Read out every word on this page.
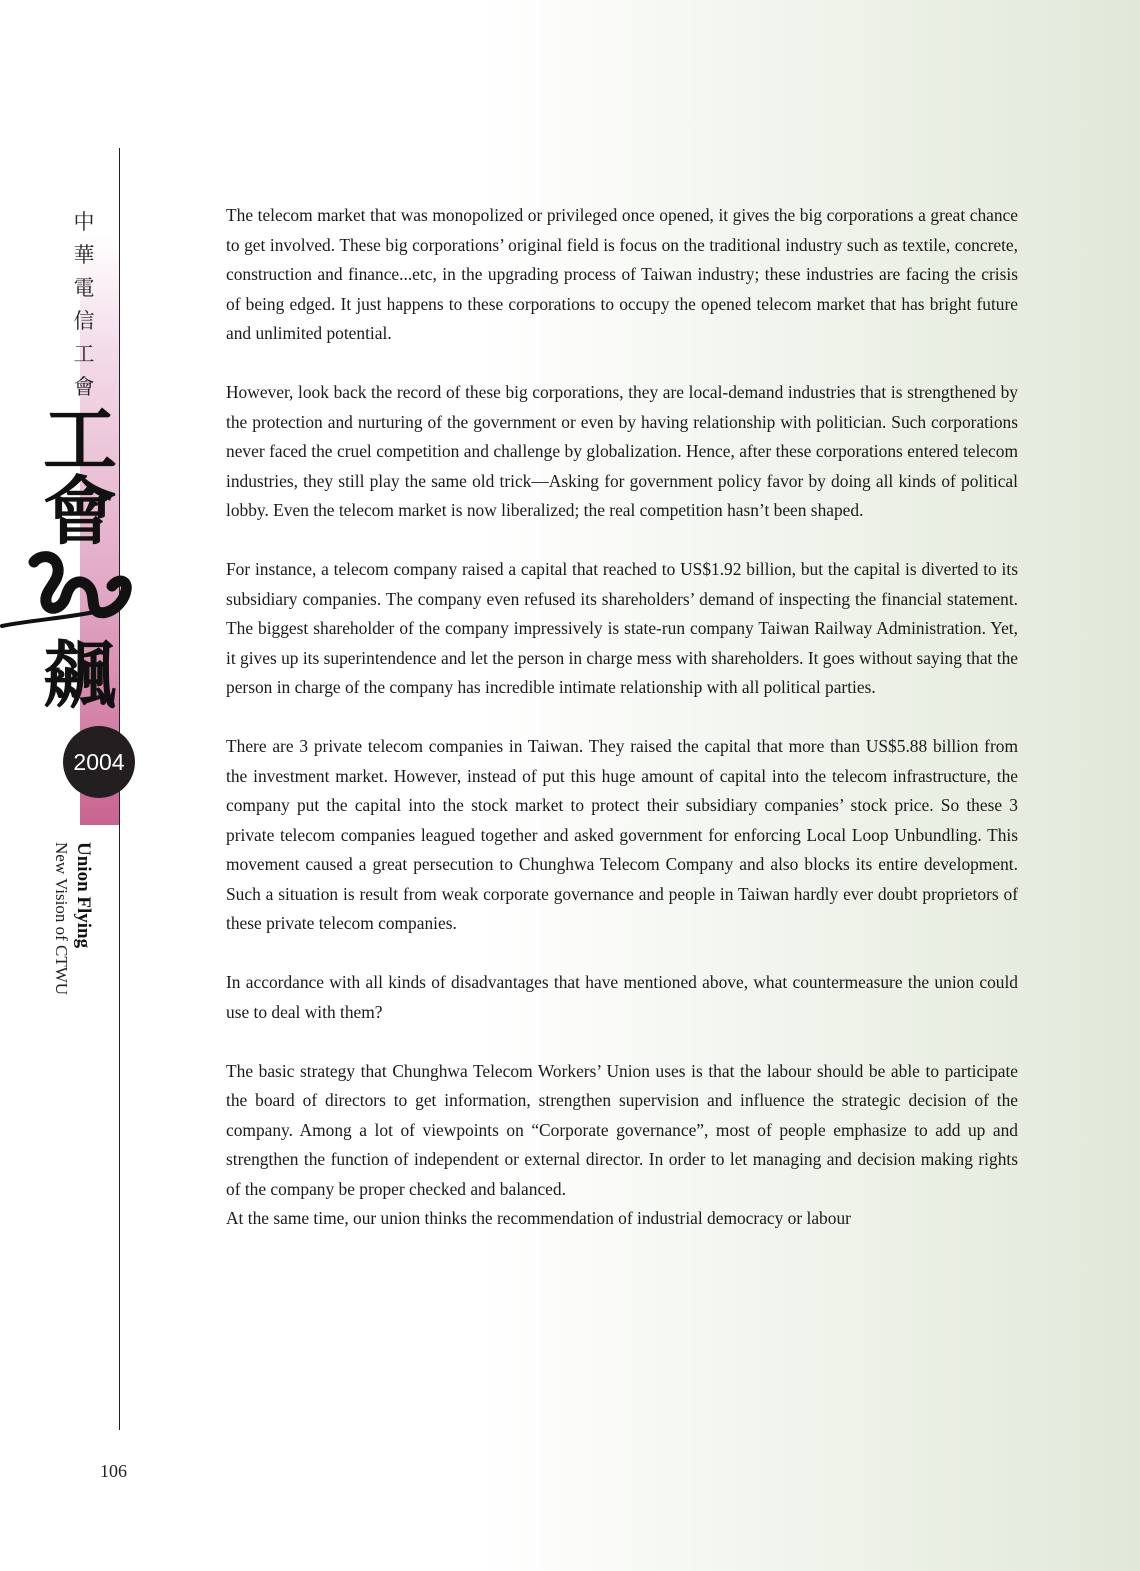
中
華
電
信
工
會
工
會
飆
2004
Union Flying
New Vision of CTWU

The telecom market that was monopolized or privileged once opened, it gives the big corporations a great chance to get involved. These big corporations’ original field is focus on the traditional industry such as textile, concrete, construction and finance...etc, in the upgrading process of Taiwan industry; these industries are facing the crisis of being edged. It just happens to these corporations to occupy the opened telecom market that has bright future and unlimited potential.

However, look back the record of these big corporations, they are local-demand industries that is strengthened by the protection and nurturing of the government or even by having relationship with politician. Such corporations never faced the cruel competition and challenge by globalization. Hence, after these corporations entered telecom industries, they still play the same old trick—Asking for government policy favor by doing all kinds of political lobby. Even the telecom market is now liberalized; the real competition hasn’t been shaped.

For instance, a telecom company raised a capital that reached to US$1.92 billion, but the capital is diverted to its subsidiary companies. The company even refused its shareholders’ demand of inspecting the financial statement. The biggest shareholder of the company impressively is state-run company Taiwan Railway Administration. Yet, it gives up its superintendence and let the person in charge mess with shareholders. It goes without saying that the person in charge of the company has incredible intimate relationship with all political parties.

There are 3 private telecom companies in Taiwan. They raised the capital that more than US$5.88 billion from the investment market. However, instead of put this huge amount of capital into the telecom infrastructure, the company put the capital into the stock market to protect their subsidiary companies’ stock price. So these 3 private telecom companies leagued together and asked government for enforcing Local Loop Unbundling. This movement caused a great persecution to Chunghwa Telecom Company and also blocks its entire development. Such a situation is result from weak corporate governance and people in Taiwan hardly ever doubt proprietors of these private telecom companies.

In accordance with all kinds of disadvantages that have mentioned above, what countermeasure the union could use to deal with them?

The basic strategy that Chunghwa Telecom Workers’ Union uses is that the labour should be able to participate the board of directors to get information, strengthen supervision and influence the strategic decision of the company. Among a lot of viewpoints on “Corporate governance”, most of people emphasize to add up and strengthen the function of independent or external director. In order to let managing and decision making rights of the company be proper checked and balanced.

At the same time, our union thinks the recommendation of industrial democracy or labour

106
